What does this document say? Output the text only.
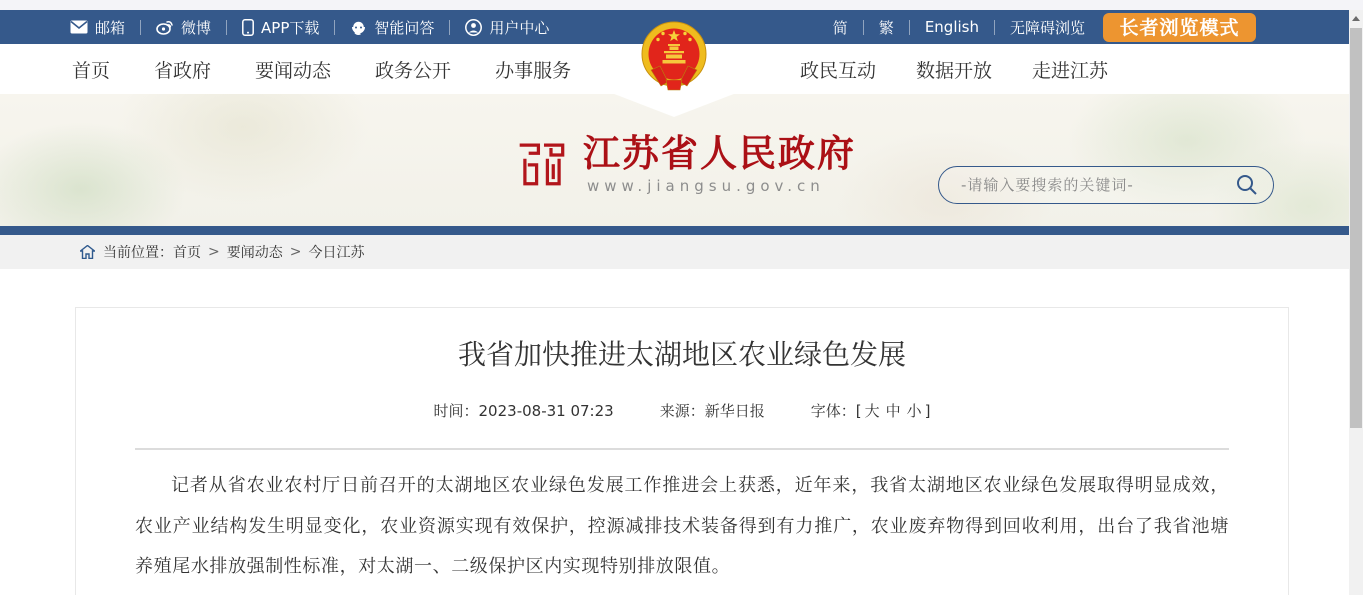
邮箱	微博	APP下载	智能问答	用户中心	简 繁 English 无障碍浏览	长者浏览模式
首页 省政府 要闻动态 政务公开 办事服务	政民互动 数据开放 走进江苏
江苏省人民政府
www.jiangsu.gov.cn
-请输入要搜索的关键词-
当前位置： 首页 > 要闻动态 > 今日江苏
我省加快推进太湖地区农业绿色发展
时间：2023-08-31 07:23	来源：新华日报	字体：[ 大 中 小 ]

记者从省农业农村厅日前召开的太湖地区农业绿色发展工作推进会上获悉，近年来，我省太湖地区农业绿色发展取得明显成效，农业产业结构发生明显变化，农业资源实现有效保护，控源减排技术装备得到有力推广，农业废弃物得到回收利用，出台了我省池塘养殖尾水排放强制性标准，对太湖一、二级保护区内实现特别排放限值。
